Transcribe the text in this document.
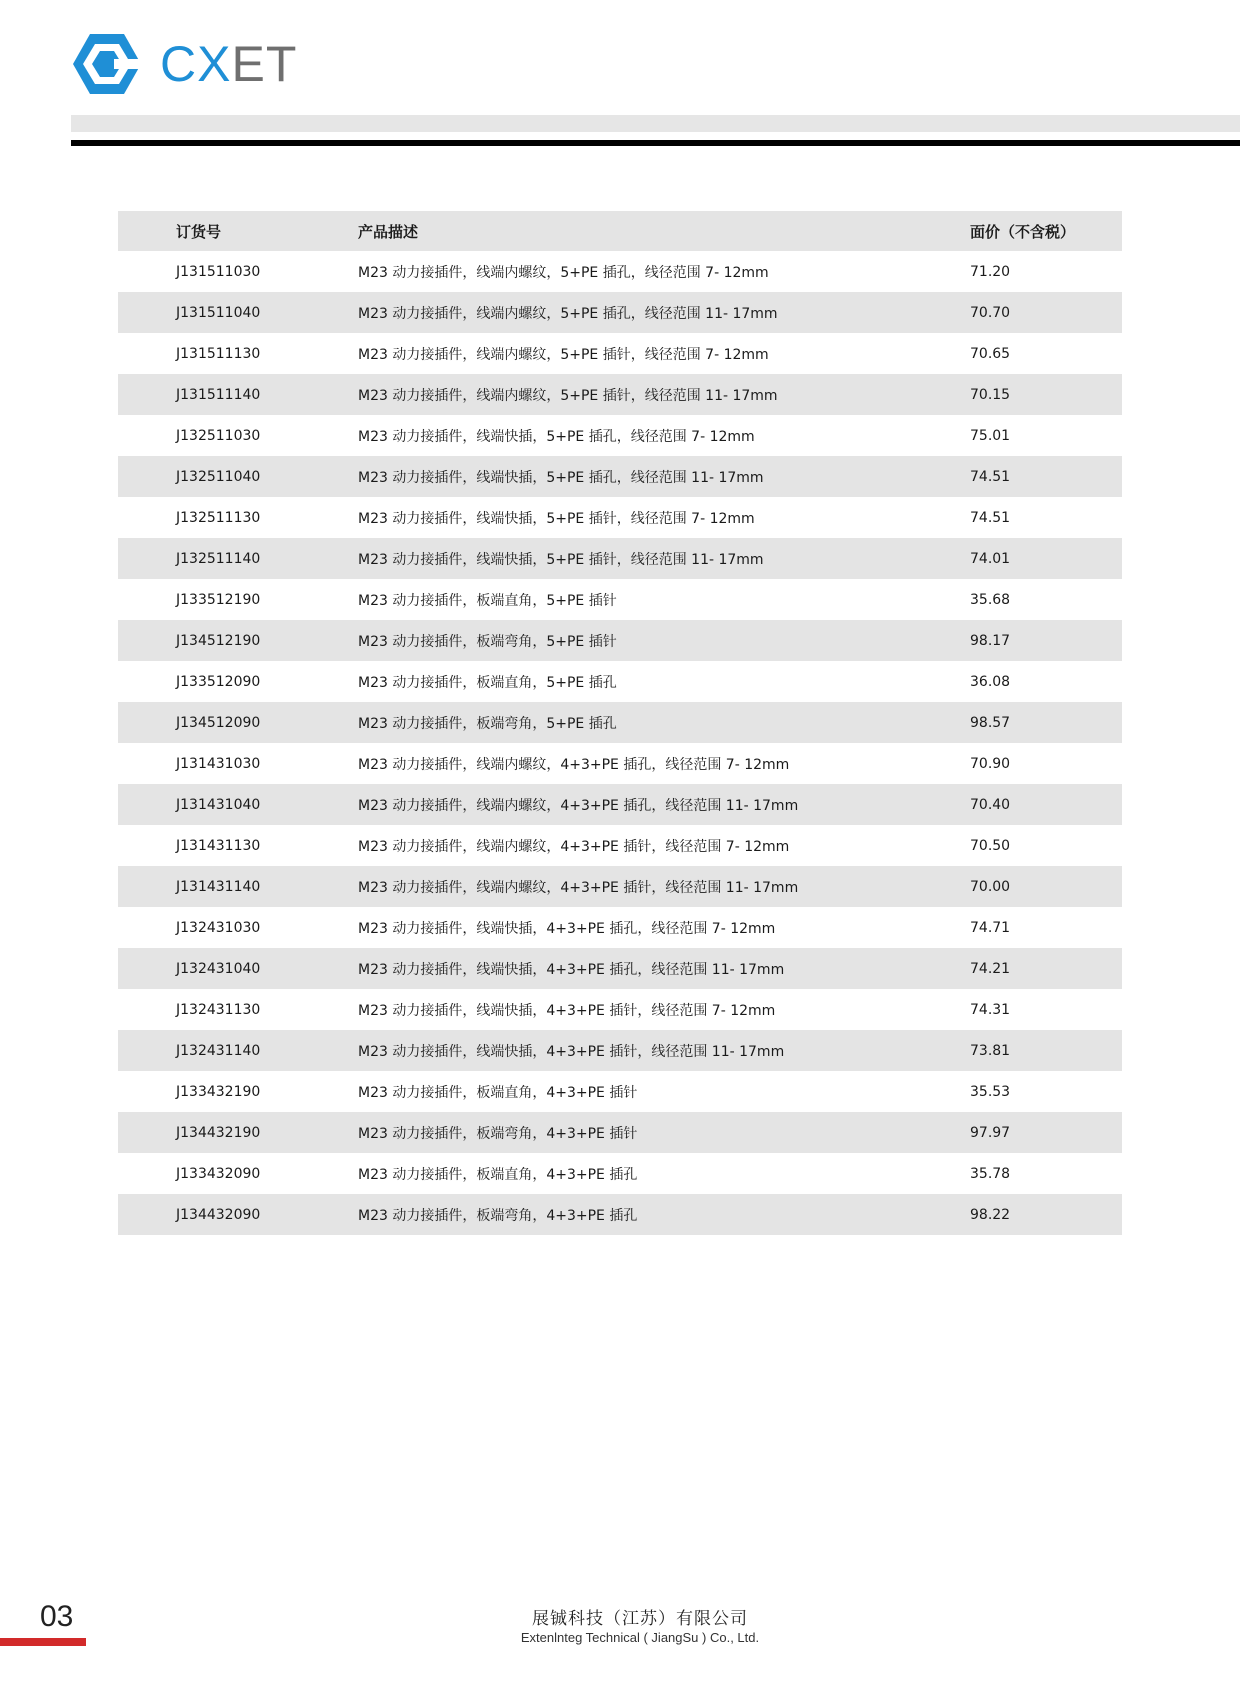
CX ET
订货号	产品描述	面价（不含税）
J131511030	M23 动力接插件，线端内螺纹，5+PE 插孔，线径范围 7- 12mm	71.20
J131511040	M23 动力接插件，线端内螺纹，5+PE 插孔，线径范围 11- 17mm	70.70
J131511130	M23 动力接插件，线端内螺纹，5+PE 插针，线径范围 7- 12mm	70.65
J131511140	M23 动力接插件，线端内螺纹，5+PE 插针，线径范围 11- 17mm	70.15
J132511030	M23 动力接插件，线端快插，5+PE 插孔，线径范围 7- 12mm	75.01
J132511040	M23 动力接插件，线端快插，5+PE 插孔，线径范围 11- 17mm	74.51
J132511130	M23 动力接插件，线端快插，5+PE 插针，线径范围 7- 12mm	74.51
J132511140	M23 动力接插件，线端快插，5+PE 插针，线径范围 11- 17mm	74.01
J133512190	M23 动力接插件，板端直角，5+PE 插针	35.68
J134512190	M23 动力接插件，板端弯角，5+PE 插针	98.17
J133512090	M23 动力接插件，板端直角，5+PE 插孔	36.08
J134512090	M23 动力接插件，板端弯角，5+PE 插孔	98.57
J131431030	M23 动力接插件，线端内螺纹，4+3+PE 插孔，线径范围 7- 12mm	70.90
J131431040	M23 动力接插件，线端内螺纹，4+3+PE 插孔，线径范围 11- 17mm	70.40
J131431130	M23 动力接插件，线端内螺纹，4+3+PE 插针，线径范围 7- 12mm	70.50
J131431140	M23 动力接插件，线端内螺纹，4+3+PE 插针，线径范围 11- 17mm	70.00
J132431030	M23 动力接插件，线端快插，4+3+PE 插孔，线径范围 7- 12mm	74.71
J132431040	M23 动力接插件，线端快插，4+3+PE 插孔，线径范围 11- 17mm	74.21
J132431130	M23 动力接插件，线端快插，4+3+PE 插针，线径范围 7- 12mm	74.31
J132431140	M23 动力接插件，线端快插，4+3+PE 插针，线径范围 11- 17mm	73.81
J133432190	M23 动力接插件，板端直角，4+3+PE 插针	35.53
J134432190	M23 动力接插件，板端弯角，4+3+PE 插针	97.97
J133432090	M23 动力接插件，板端直角，4+3+PE 插孔	35.78
J134432090	M23 动力接插件，板端弯角，4+3+PE 插孔	98.22
03	展铖科技（江苏）有限公司
Extenlnteg Technical ( JiangSu ) Co., Ltd.
